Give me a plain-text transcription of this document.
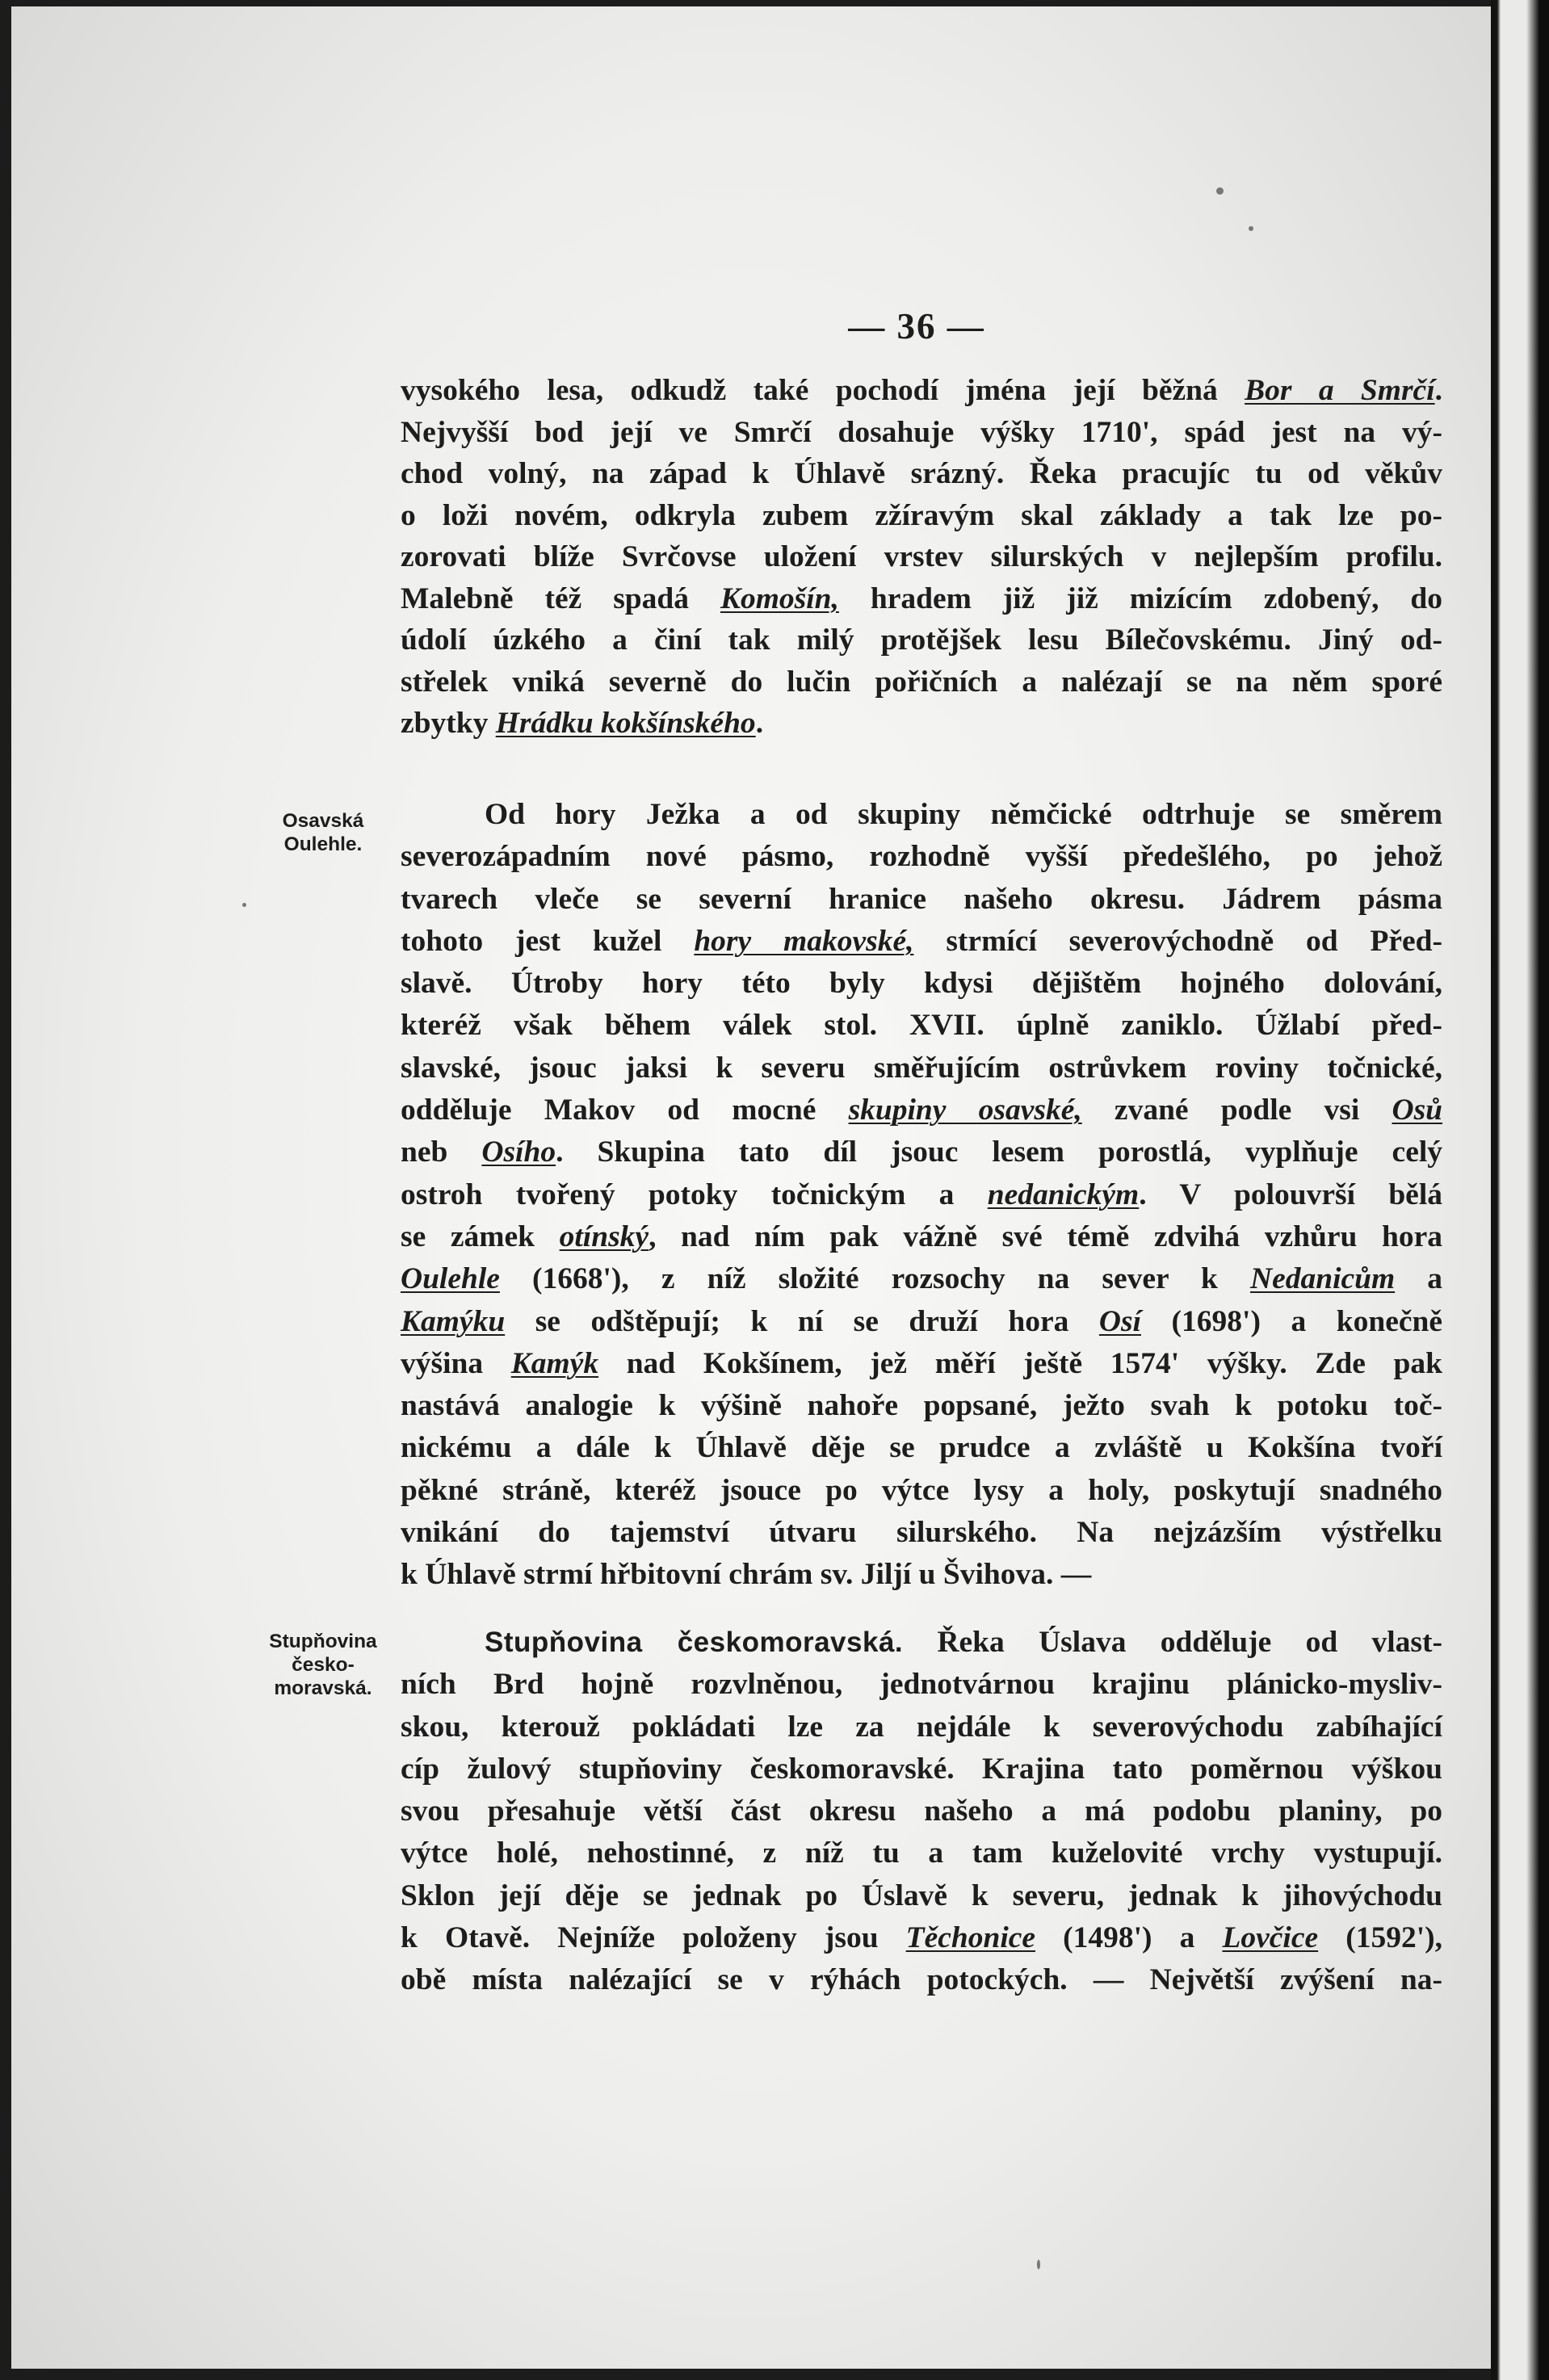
— 36 —
Osavská
Oulehle.
Stupňovina
česko-
moravská.
vysokého lesa, odkudž také pochodí jména její běžná Bor a Smrčí.
Nejvyšší bod její ve Smrčí dosahuje výšky 1710', spád jest na vý-
chod volný, na západ k Úhlavě srázný. Řeka pracujíc tu od věkův
o loži novém, odkryla zubem zžíravým skal základy a tak lze po-
zorovati blíže Svrčovse uložení vrstev silurských v nejlepším profilu.
Malebně též spadá Komošín, hradem již již mizícím zdobený, do
údolí úzkého a činí tak milý protějšek lesu Bílečovskému. Jiný od-
střelek vniká severně do lučin pořičních a nalézají se na něm sporé
zbytky Hrádku kokšínského.
Od hory Ježka a od skupiny němčické odtrhuje se směrem
severozápadním nové pásmo, rozhodně vyšší předešlého, po jehož
tvarech vleče se severní hranice našeho okresu. Jádrem pásma
tohoto jest kužel hory makovské, strmící severovýchodně od Před-
slavě. Útroby hory této byly kdysi dějištěm hojného dolování,
kteréž však během válek stol. XVII. úplně zaniklo. Úžlabí před-
slavské, jsouc jaksi k severu směřujícím ostrůvkem roviny točnické,
odděluje Makov od mocné skupiny osavské, zvané podle vsi Osů
neb Osího. Skupina tato díl jsouc lesem porostlá, vyplňuje celý
ostroh tvořený potoky točnickým a nedanickým. V polouvrší bělá
se zámek otínský, nad ním pak vážně své témě zdvihá vzhůru hora
Oulehle (1668'), z níž složité rozsochy na sever k Nedanicům a
Kamýku se odštěpují; k ní se druží hora Osí (1698') a konečně
výšina Kamýk nad Kokšínem, jež měří ještě 1574' výšky. Zde pak
nastává analogie k výšině nahoře popsané, ježto svah k potoku toč-
nickému a dále k Úhlavě děje se prudce a zvláště u Kokšína tvoří
pěkné stráně, kteréž jsouce po výtce lysy a holy, poskytují snadného
vnikání do tajemství útvaru silurského. Na nejzázším výstřelku
k Úhlavě strmí hřbitovní chrám sv. Jiljí u Švihova. —
Stupňovina českomoravská. Řeka Úslava odděluje od vlast-
ních Brd hojně rozvlněnou, jednotvárnou krajinu plánicko-mysliv-
skou, kterouž pokládati lze za nejdále k severovýchodu zabíhající
cíp žulový stupňoviny českomoravské. Krajina tato poměrnou výškou
svou přesahuje větší část okresu našeho a má podobu planiny, po
výtce holé, nehostinné, z níž tu a tam kuželovité vrchy vystupují.
Sklon její děje se jednak po Úslavě k severu, jednak k jihovýchodu
k Otavě. Nejníže položeny jsou Těchonice (1498') a Lovčice (1592'),
obě místa nalézající se v rýhách potockých. — Největší zvýšení na-
